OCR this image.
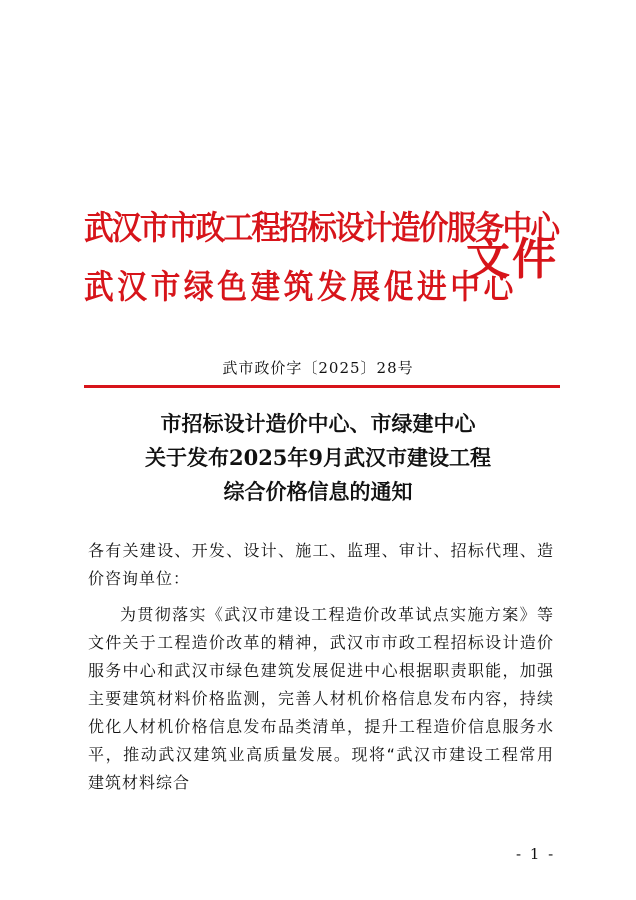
武汉市市政工程招标设计造价服务中心
武汉市绿色建筑发展促进中心
文件
武市政价字〔2025〕28号
市招标设计造价中心、市绿建中心
关于发布2025年9月武汉市建设工程
综合价格信息的通知

各有关建设、开发、设计、施工、监理、审计、招标代理、造价咨询单位：

为贯彻落实《武汉市建设工程造价改革试点实施方案》等文件关于工程造价改革的精神，武汉市市政工程招标设计造价服务中心和武汉市绿色建筑发展促进中心根据职责职能，加强主要建筑材料价格监测，完善人材机价格信息发布内容，持续优化人材机价格信息发布品类清单，提升工程造价信息服务水平，推动武汉建筑业高质量发展。现将“武汉市建设工程常用建筑材料综合

- 1 -
